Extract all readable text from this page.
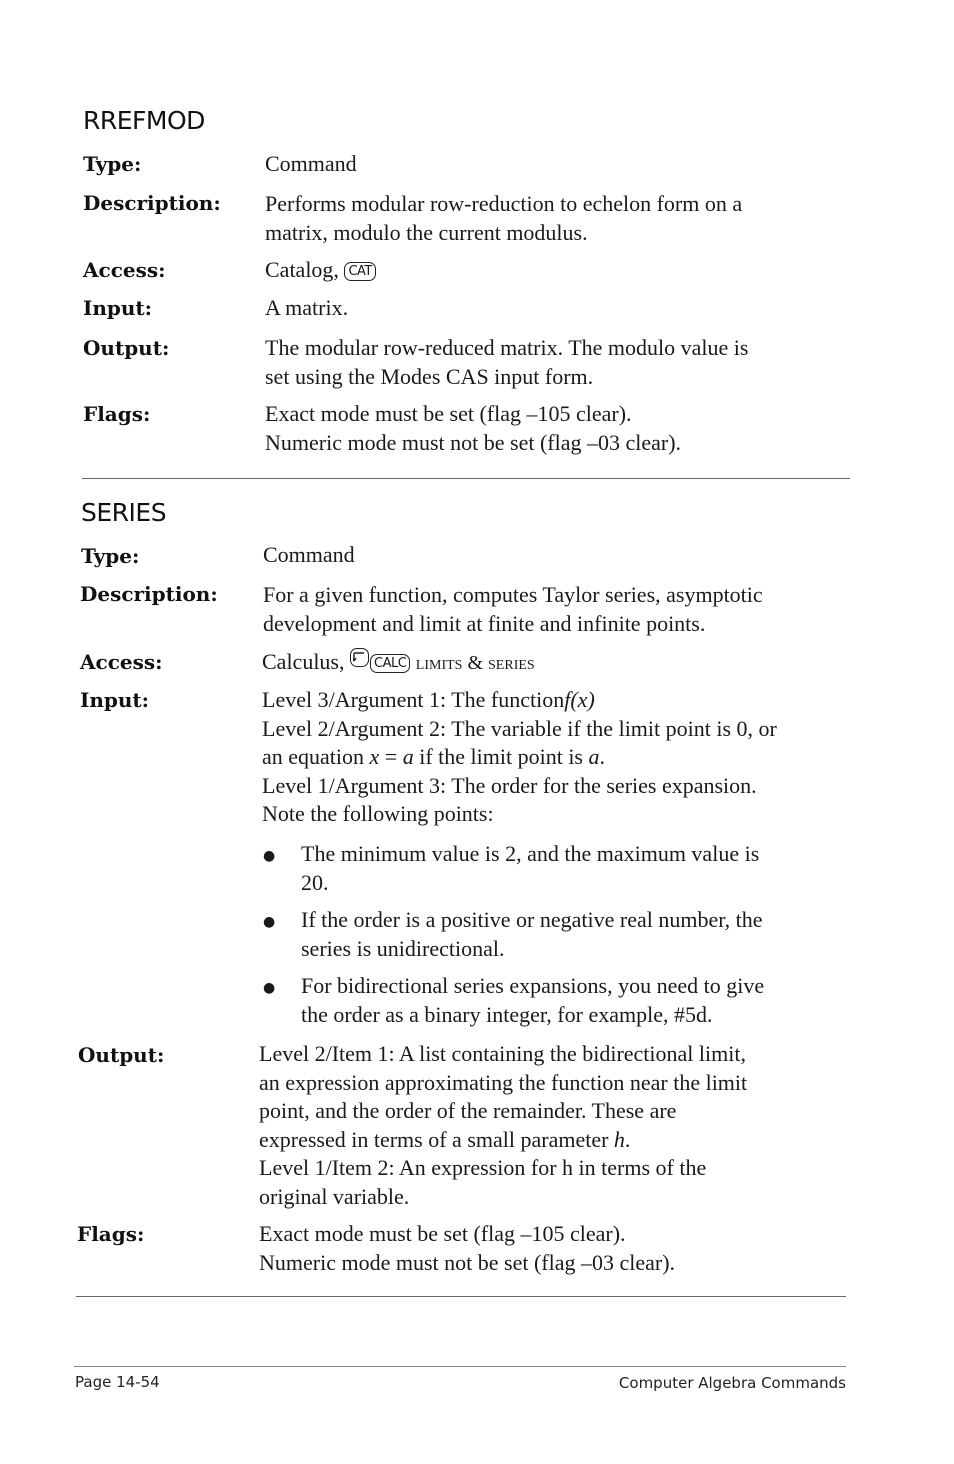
RREFMOD
Type:	Command
Description: Performs modular row-reduction to echelon form on a
matrix, modulo the current modulus.
Access:	Catalog, CAT
Input:	A matrix.
Output:	The modular row-reduced matrix. The modulo value is
set using the Modes CAS input form.
Flags:	Exact mode must be set (flag –105 clear).
Numeric mode must not be set (flag –03 clear).
SERIES
Type:	Command
Description: For a given function, computes Taylor series, asymptotic
development and limit at finite and infinite points.
Access:	Calculus, CALC limits & series
Input:	Level 3/Argument 1: The functionf(x)
Level 2/Argument 2: The variable if the limit point is 0, or
an equation x = a if the limit point is a.
Level 1/Argument 3: The order for the series expansion.
Note the following points:
● The minimum value is 2, and the maximum value is
20.
● If the order is a positive or negative real number, the
series is unidirectional.
● For bidirectional series expansions, you need to give
the order as a binary integer, for example, #5d.
Output:	Level 2/Item 1: A list containing the bidirectional limit,
an expression approximating the function near the limit
point, and the order of the remainder. These are
expressed in terms of a small parameter h.
Level 1/Item 2: An expression for h in terms of the
original variable.
Flags:	Exact mode must be set (flag –105 clear).
Numeric mode must not be set (flag –03 clear).
Page 14-54	Computer Algebra Commands
